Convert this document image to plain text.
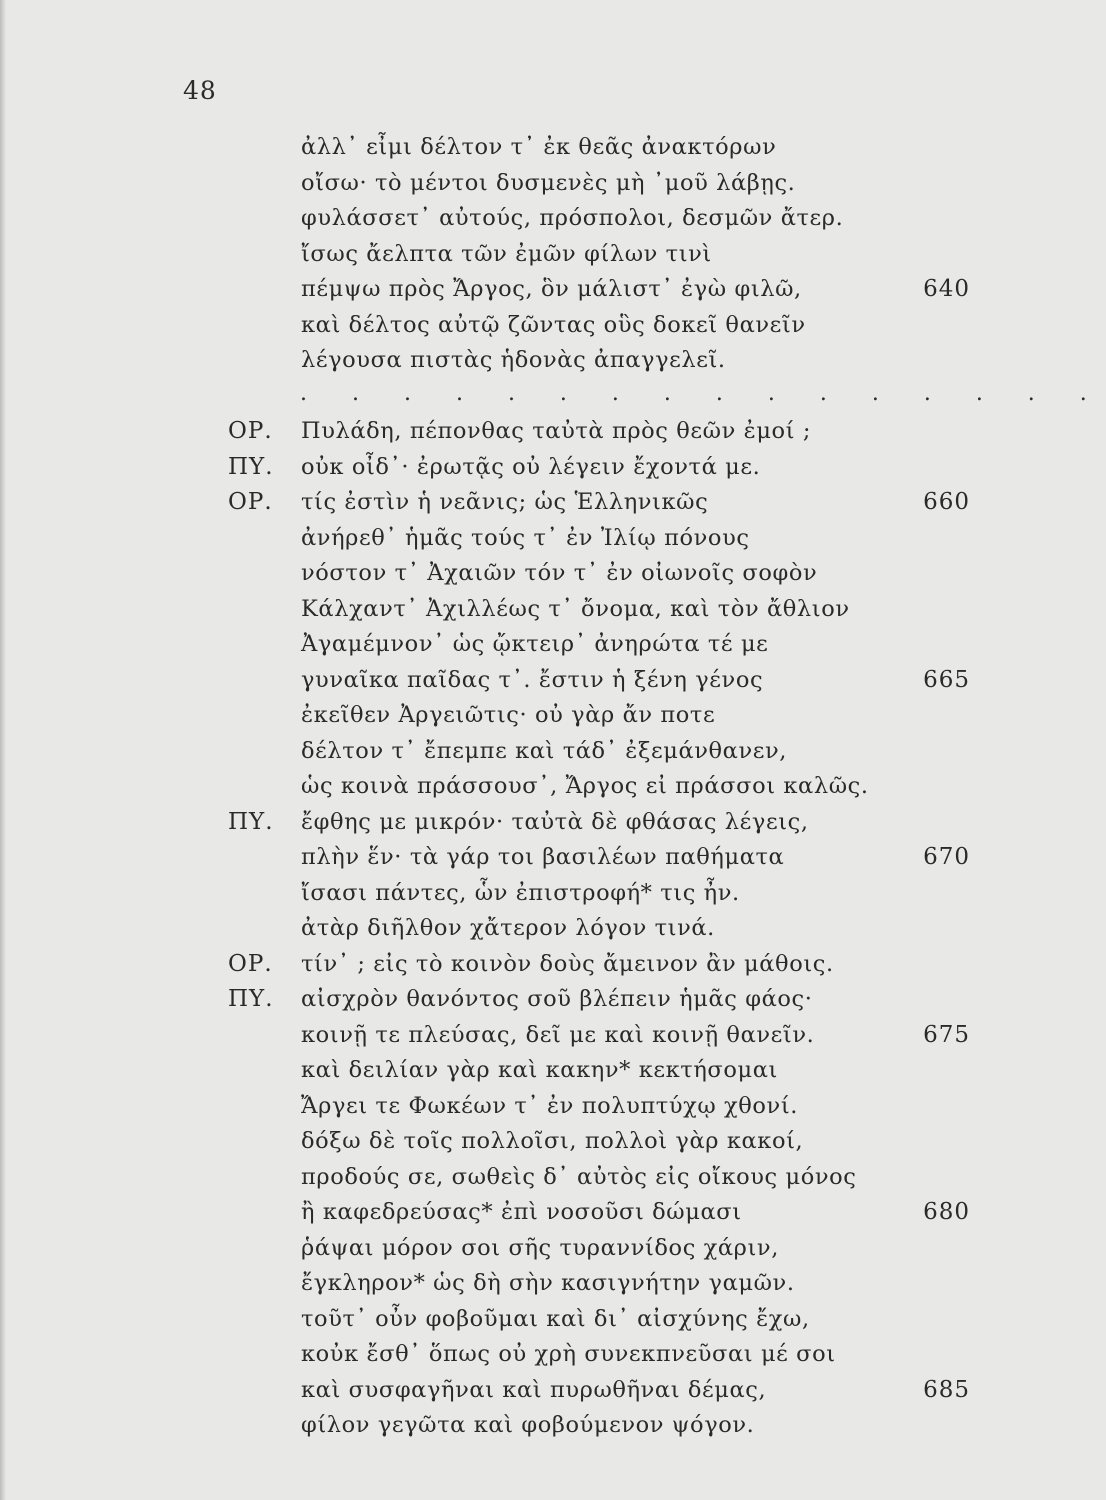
48
ἀλλ᾽ εἶμι δέλτον τ᾽ ἐκ θεᾶς ἀνακτόρων
οἴσω· τὸ μέντοι δυσμενὲς μὴ ᾽μοῦ λάβῃς.
φυλάσσετ᾽ αὐτούς, πρόσπολοι, δεσμῶν ἄτερ.
ἴσως ἄελπτα τῶν ἐμῶν φίλων τινὶ
πέμψω πρὸς Ἄργος, ὃν μάλιστ᾽ ἐγὼ φιλῶ,	640
καὶ δέλτος αὐτῷ ζῶντας οὓς δοκεῖ θανεῖν
λέγουσα πιστὰς ἡδονὰς ἀπαγγελεῖ.
. . . . . . . . . . . . . . . .
ΟΡ. Πυλάδη, πέπονθας ταὐτὰ πρὸς θεῶν ἐμοί ;
ΠΥ. οὐκ οἶδ᾽· ἐρωτᾷς οὐ λέγειν ἔχοντά με.
ΟΡ. τίς ἐστὶν ἡ νεᾶνις; ὡς Ἑλληνικῶς	660
ἀνήρεθ᾽ ἡμᾶς τούς τ᾽ ἐν Ἰλίῳ πόνους
νόστον τ᾽ Ἀχαιῶν τόν τ᾽ ἐν οἰωνοῖς σοφὸν
Κάλχαντ᾽ Ἀχιλλέως τ᾽ ὄνομα, καὶ τὸν ἄθλιον
Ἀγαμέμνον᾽ ὡς ᾤκτειρ᾽ ἀνηρώτα τέ με
γυναῖκα παῖδας τ᾽. ἔστιν ἡ ξένη γένος	665
ἐκεῖθεν Ἀργειῶτις· οὐ γὰρ ἄν ποτε
δέλτον τ᾽ ἔπεμπε καὶ τάδ᾽ ἐξεμάνθανεν,
ὡς κοινὰ πράσσουσ᾽, Ἄργος εἰ πράσσοι καλῶς.
ΠΥ. ἔφθης με μικρόν· ταὐτὰ δὲ φθάσας λέγεις,
πλὴν ἕν· τὰ γάρ τοι βασιλέων παθήματα	670
ἴσασι πάντες, ὧν ἐπιστροφή* τις ἦν.
ἀτὰρ διῆλθον χἄτερον λόγον τινά.
ΟΡ. τίν᾽ ; εἰς τὸ κοινὸν δοὺς ἄμεινον ἂν μάθοις.
ΠΥ. αἰσχρὸν θανόντος σοῦ βλέπειν ἡμᾶς φάος·
κοινῇ τε πλεύσας, δεῖ με καὶ κοινῇ θανεῖν.	675
καὶ δειλίαν γὰρ καὶ κακην* κεκτήσομαι
Ἄργει τε Φωκέων τ᾽ ἐν πολυπτύχῳ χθονί.
δόξω δὲ τοῖς πολλοῖσι, πολλοὶ γὰρ κακοί,
προδούς σε, σωθεὶς δ᾽ αὐτὸς εἰς οἴκους μόνος
ἢ καφεδρεύσας* ἐπὶ νοσοῦσι δώμασι	680
ῥάψαι μόρον σοι σῆς τυραννίδος χάριν,
ἔγκληρον* ὡς δὴ σὴν κασιγνήτην γαμῶν.
τοῦτ᾽ οὖν φοβοῦμαι καὶ δι᾽ αἰσχύνης ἔχω,
κοὐκ ἔσθ᾽ ὅπως οὐ χρὴ συνεκπνεῦσαι μέ σοι
καὶ συσφαγῆναι καὶ πυρωθῆναι δέμας,	685
φίλον γεγῶτα καὶ φοβούμενον ψόγον.
